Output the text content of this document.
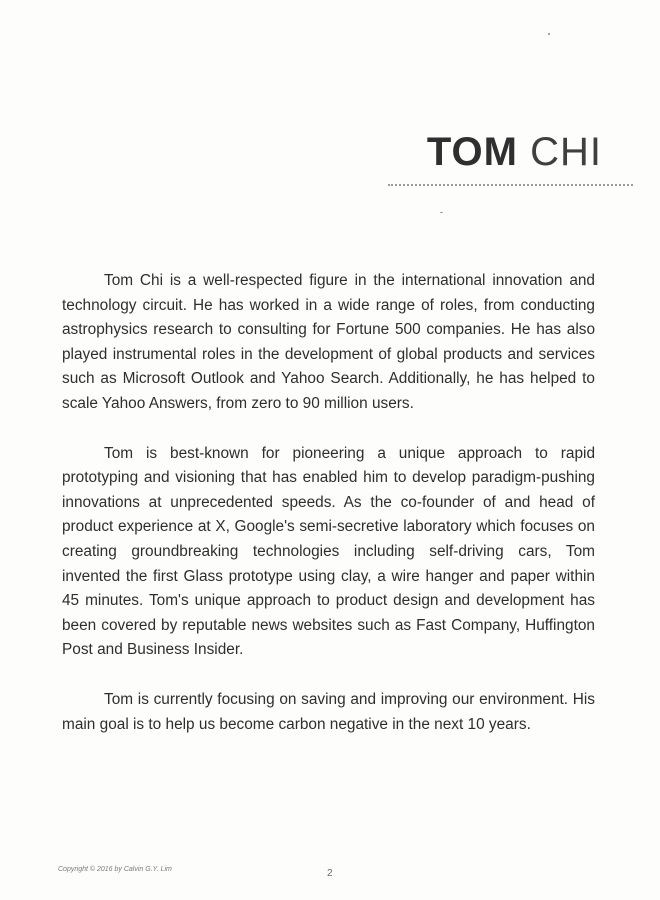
TOM CHI

Tom Chi is a well-respected figure in the international innovation and technology circuit. He has worked in a wide range of roles, from conducting astrophysics research to consulting for Fortune 500 companies. He has also played instrumental roles in the development of global products and services such as Microsoft Outlook and Yahoo Search. Additionally, he has helped to scale Yahoo Answers, from zero to 90 million users.

Tom is best-known for pioneering a unique approach to rapid prototyping and visioning that has enabled him to develop paradigm-pushing innovations at unprecedented speeds. As the co-founder of and head of product experience at X, Google's semi-secretive laboratory which focuses on creating groundbreaking technologies including self-driving cars, Tom invented the first Glass prototype using clay, a wire hanger and paper within 45 minutes. Tom's unique approach to product design and development has been covered by reputable news websites such as Fast Company, Huffington Post and Business Insider.

Tom is currently focusing on saving and improving our environment. His main goal is to help us become carbon negative in the next 10 years.

Copyright © 2016 by Calvin G.Y. Lim	2
